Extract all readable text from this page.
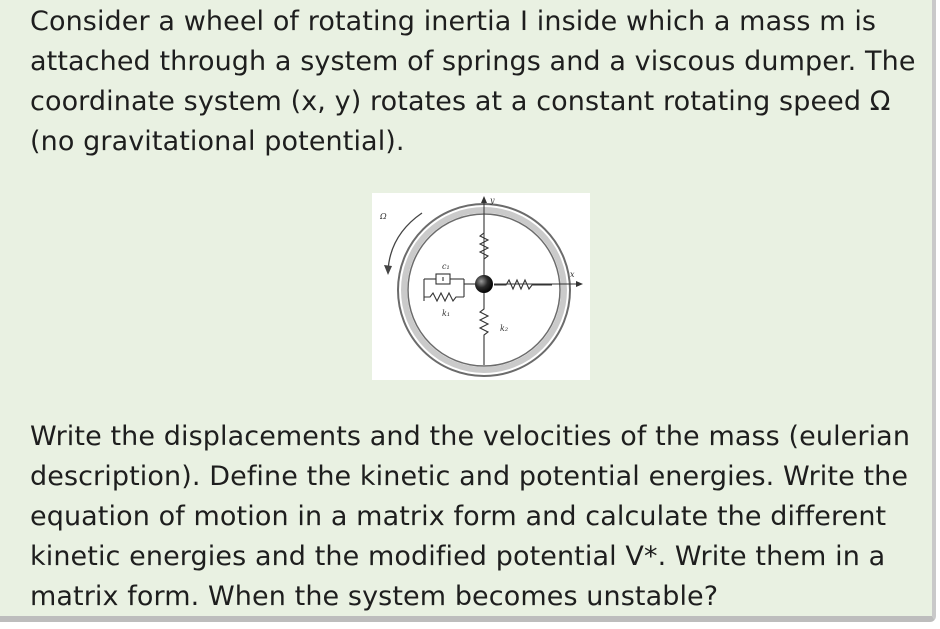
Consider a wheel of rotating inertia I inside which a mass m is
attached through a system of springs and a viscous dumper. The
coordinate system (x, y) rotates at a constant rotating speed Ω
(no gravitational potential).

Ω
y
x
k₂
c₁
k₁

Write the displacements and the velocities of the mass (eulerian
description). Define the kinetic and potential energies. Write the
equation of motion in a matrix form and calculate the different
kinetic energies and the modified potential V*. Write them in a
matrix form. When the system becomes unstable?
